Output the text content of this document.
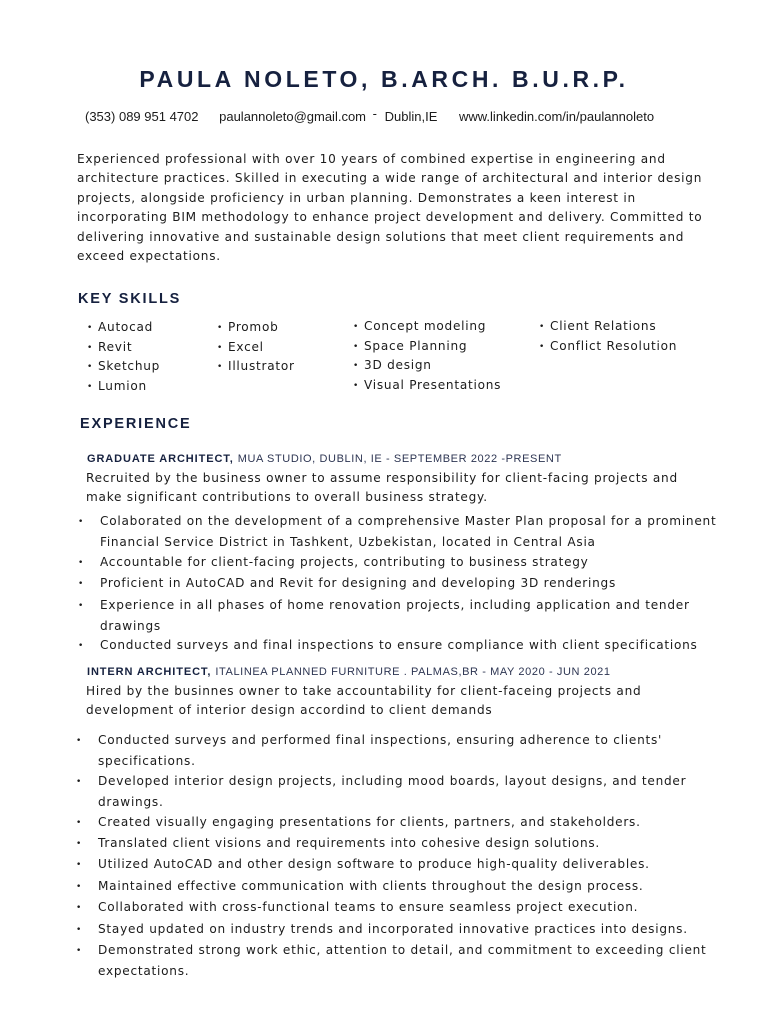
PAULA NOLETO, B.ARCH. B.U.R.P.
(353) 089 951 4702 paulannoleto@gmail.com - Dublin,IE www.linkedin.com/in/paulannoleto

Experienced professional with over 10 years of combined expertise in engineering and architecture practices. Skilled in executing a wide range of architectural and interior design projects, alongside proficiency in urban planning. Demonstrates a keen interest in incorporating BIM methodology to enhance project development and delivery. Committed to delivering innovative and sustainable design solutions that meet client requirements and exceed expectations.

KEY SKILLS
• Autocad
• Revit
• Sketchup
• Lumion
• Promob
• Excel
• Illustrator
• Concept modeling
• Space Planning
• 3D design
• Visual Presentations
• Client Relations
• Conflict Resolution
EXPERIENCE
GRADUATE ARCHITECT, MUA STUDIO, DUBLIN, IE - SEPTEMBER 2022 -PRESENT

Recruited by the business owner to assume responsibility for client-facing projects and make significant contributions to overall business strategy.

• Colaborated on the development of a comprehensive Master Plan proposal for a prominent Financial Service District in Tashkent, Uzbekistan, located in Central Asia
• Accountable for client-facing projects, contributing to business strategy
• Proficient in AutoCAD and Revit for designing and developing 3D renderings
• Experience in all phases of home renovation projects, including application and tender drawings
• Conducted surveys and final inspections to ensure compliance with client specifications
INTERN ARCHITECT, ITALINEA PLANNED FURNITURE . PALMAS,BR - MAY 2020 - JUN 2021

Hired by the businnes owner to take accountability for client-faceing projects and development of interior design accordind to client demands

• Conducted surveys and performed final inspections, ensuring adherence to clients' specifications.
• Developed interior design projects, including mood boards, layout designs, and tender drawings.
• Created visually engaging presentations for clients, partners, and stakeholders.
• Translated client visions and requirements into cohesive design solutions.
• Utilized AutoCAD and other design software to produce high-quality deliverables.
• Maintained effective communication with clients throughout the design process.
• Collaborated with cross-functional teams to ensure seamless project execution.
• Stayed updated on industry trends and incorporated innovative practices into designs.
• Demonstrated strong work ethic, attention to detail, and commitment to exceeding client expectations.
